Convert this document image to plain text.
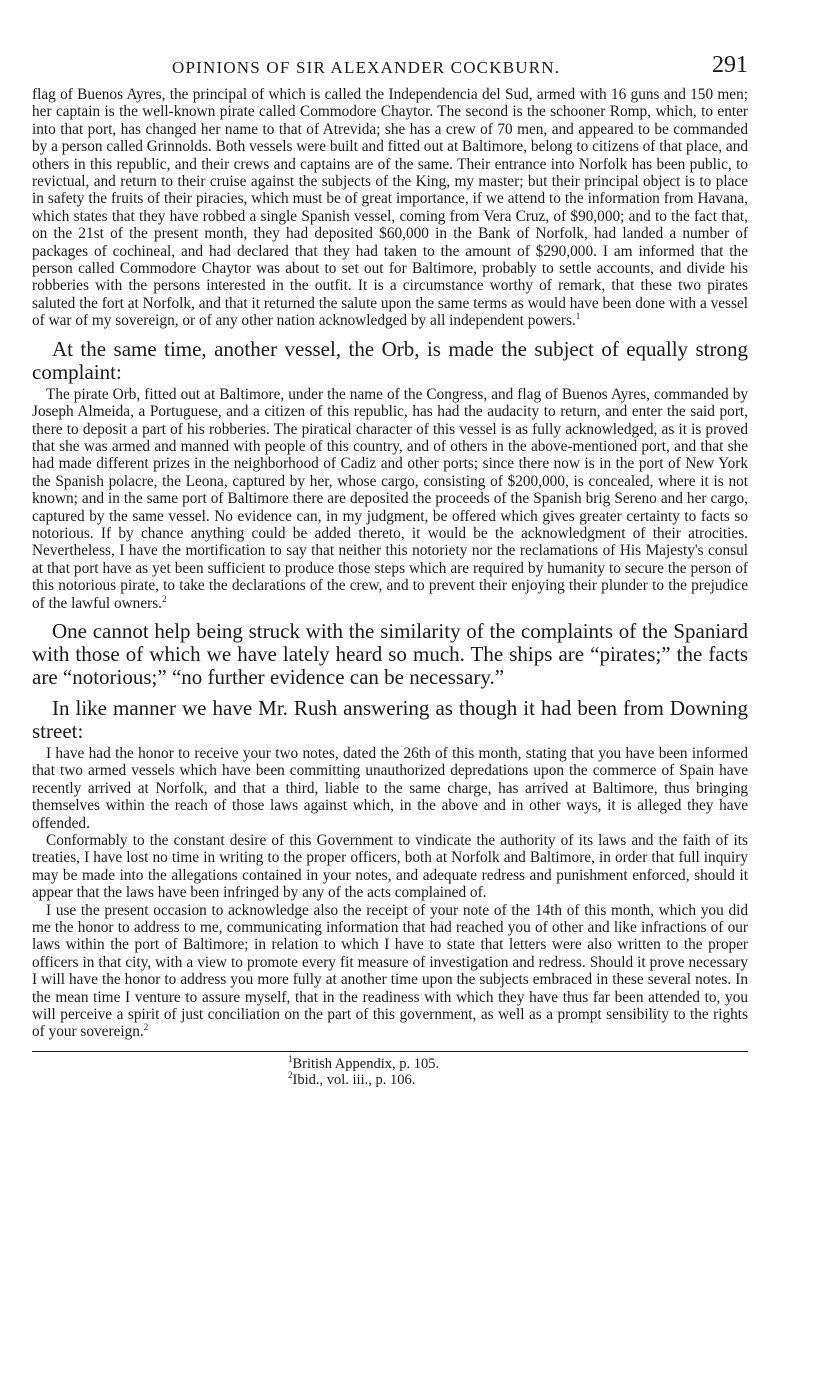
OPINIONS OF SIR ALEXANDER COCKBURN.	291

flag of Buenos Ayres, the principal of which is called the Independencia del Sud, armed with 16 guns and 150 men; her captain is the well-known pirate called Commodore Chaytor. The second is the schooner Romp, which, to enter into that port, has changed her name to that of Atrevida; she has a crew of 70 men, and appeared to be commanded by a person called Grinnolds. Both vessels were built and fitted out at Baltimore, belong to citizens of that place, and others in this republic, and their crews and captains are of the same. Their entrance into Norfolk has been public, to revictual, and return to their cruise against the subjects of the King, my master; but their principal object is to place in safety the fruits of their piracies, which must be of great importance, if we attend to the information from Havana, which states that they have robbed a single Spanish vessel, coming from Vera Cruz, of $90,000; and to the fact that, on the 21st of the present month, they had deposited $60,000 in the Bank of Norfolk, had landed a number of packages of cochineal, and had declared that they had taken to the amount of $290,000. I am informed that the person called Commodore Chaytor was about to set out for Baltimore, probably to settle accounts, and divide his robberies with the persons interested in the outfit. It is a circumstance worthy of remark, that these two pirates saluted the fort at Norfolk, and that it returned the salute upon the same terms as would have been done with a vessel of war of my sovereign, or of any other nation acknowledged by all independent powers.$^1$

At the same time, another vessel, the Orb, is made the subject of equally strong complaint:

The pirate Orb, fitted out at Baltimore, under the name of the Congress, and flag of Buenos Ayres, commanded by Joseph Almeida, a Portuguese, and a citizen of this republic, has had the audacity to return, and enter the said port, there to deposit a part of his robberies. The piratical character of this vessel is as fully acknowledged, as it is proved that she was armed and manned with people of this country, and of others in the above-mentioned port, and that she had made different prizes in the neighborhood of Cadiz and other ports; since there now is in the port of New York the Spanish polacre, the Leona, captured by her, whose cargo, consisting of $200,000, is concealed, where it is not known; and in the same port of Baltimore there are deposited the proceeds of the Spanish brig Sereno and her cargo, captured by the same vessel. No evidence can, in my judgment, be offered which gives greater certainty to facts so notorious. If by chance anything could be added thereto, it would be the acknowledgment of their atrocities. Nevertheless, I have the mortification to say that neither this notoriety nor the reclamations of His Majesty's consul at that port have as yet been sufficient to produce those steps which are required by humanity to secure the person of this notorious pirate, to take the declarations of the crew, and to prevent their enjoying their plunder to the prejudice of the lawful owners.$^2$

One cannot help being struck with the similarity of the complaints of the Spaniard with those of which we have lately heard so much. The ships are “pirates;” the facts are “notorious;” “no further evidence can be necessary.”

In like manner we have Mr. Rush answering as though it had been from Downing street:

I have had the honor to receive your two notes, dated the 26th of this month, stating that you have been informed that two armed vessels which have been committing unauthorized depredations upon the commerce of Spain have recently arrived at Norfolk, and that a third, liable to the same charge, has arrived at Baltimore, thus bringing themselves within the reach of those laws against which, in the above and in other ways, it is alleged they have offended.

Conformably to the constant desire of this Government to vindicate the authority of its laws and the faith of its treaties, I have lost no time in writing to the proper officers, both at Norfolk and Baltimore, in order that full inquiry may be made into the allegations contained in your notes, and adequate redress and punishment enforced, should it appear that the laws have been infringed by any of the acts complained of.

I use the present occasion to acknowledge also the receipt of your note of the 14th of this month, which you did me the honor to address to me, communicating information that had reached you of other and like infractions of our laws within the port of Baltimore; in relation to which I have to state that letters were also written to the proper officers in that city, with a view to promote every fit measure of investigation and redress. Should it prove necessary I will have the honor to address you more fully at another time upon the subjects embraced in these several notes. In the mean time I venture to assure myself, that in the readiness with which they have thus far been attended to, you will perceive a spirit of just conciliation on the part of this government, as well as a prompt sensibility to the rights of your sovereign.$^2$

$^1$British Appendix, p. 105.
$^2$Ibid., vol. iii., p. 106.
